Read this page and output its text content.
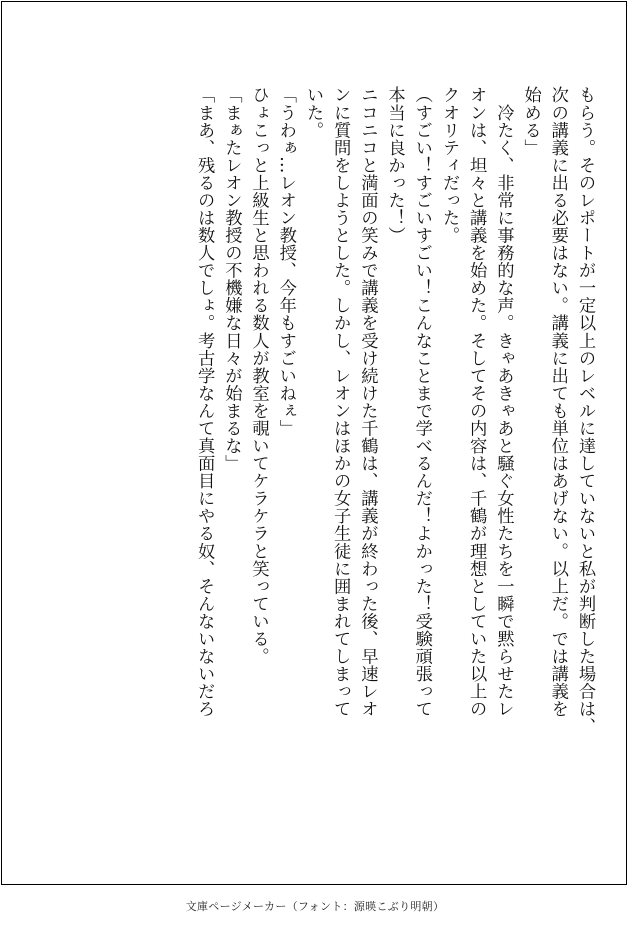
もらう。そのレポートが一定以上のレベルに達していないと私が判断した場合は、
次の講義に出る必要はない。講義に出ても単位はあげない。以上だ。では講義を
始める」
　冷たく、非常に事務的な声。きゃあきゃあと騒ぐ女性たちを一瞬で黙らせたレ
オンは、坦々と講義を始めた。そしてその内容は、千鶴が理想としていた以上の
クオリティだった。
（すごい！すごいすごい！こんなことまで学べるんだ！よかった！受験頑張って
本当に良かった！）
ニコニコと満面の笑みで講義を受け続けた千鶴は、講義が終わった後、早速レオ
ンに質問をしようとした。しかし、レオンはほかの女子生徒に囲まれてしまって
いた。
「うわぁ…レオン教授、今年もすごいねぇ」
ひょこっと上級生と思われる数人が教室を覗いてケラケラと笑っている。
「まぁたレオン教授の不機嫌な日々が始まるな」
「まあ、残るのは数人でしょ。考古学なんて真面目にやる奴、そんないないだろ
文庫ページメーカー（フォント：源暎こぶり明朝）
